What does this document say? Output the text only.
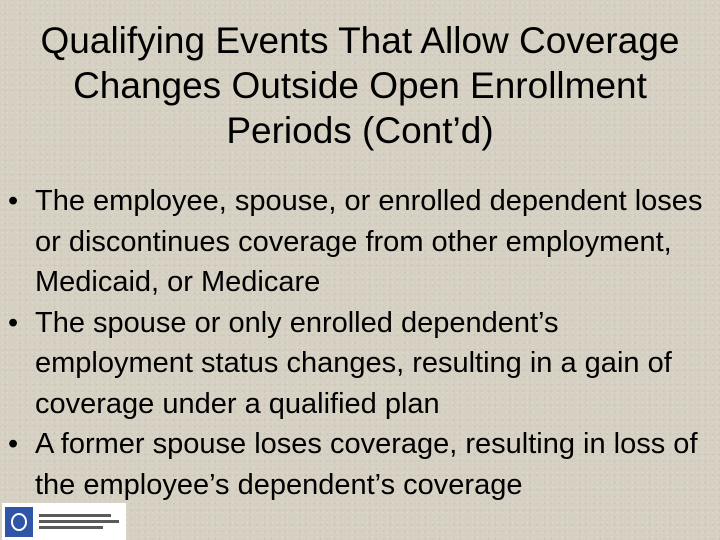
Qualifying Events That Allow Coverage Changes Outside Open Enrollment Periods (Cont’d)
• The employee, spouse, or enrolled dependent loses or discontinues coverage from other employment, Medicaid, or Medicare
• The spouse or only enrolled dependent’s employment status changes, resulting in a gain of coverage under a qualified plan
• A former spouse loses coverage, resulting in loss of the employee’s dependent’s coverage
